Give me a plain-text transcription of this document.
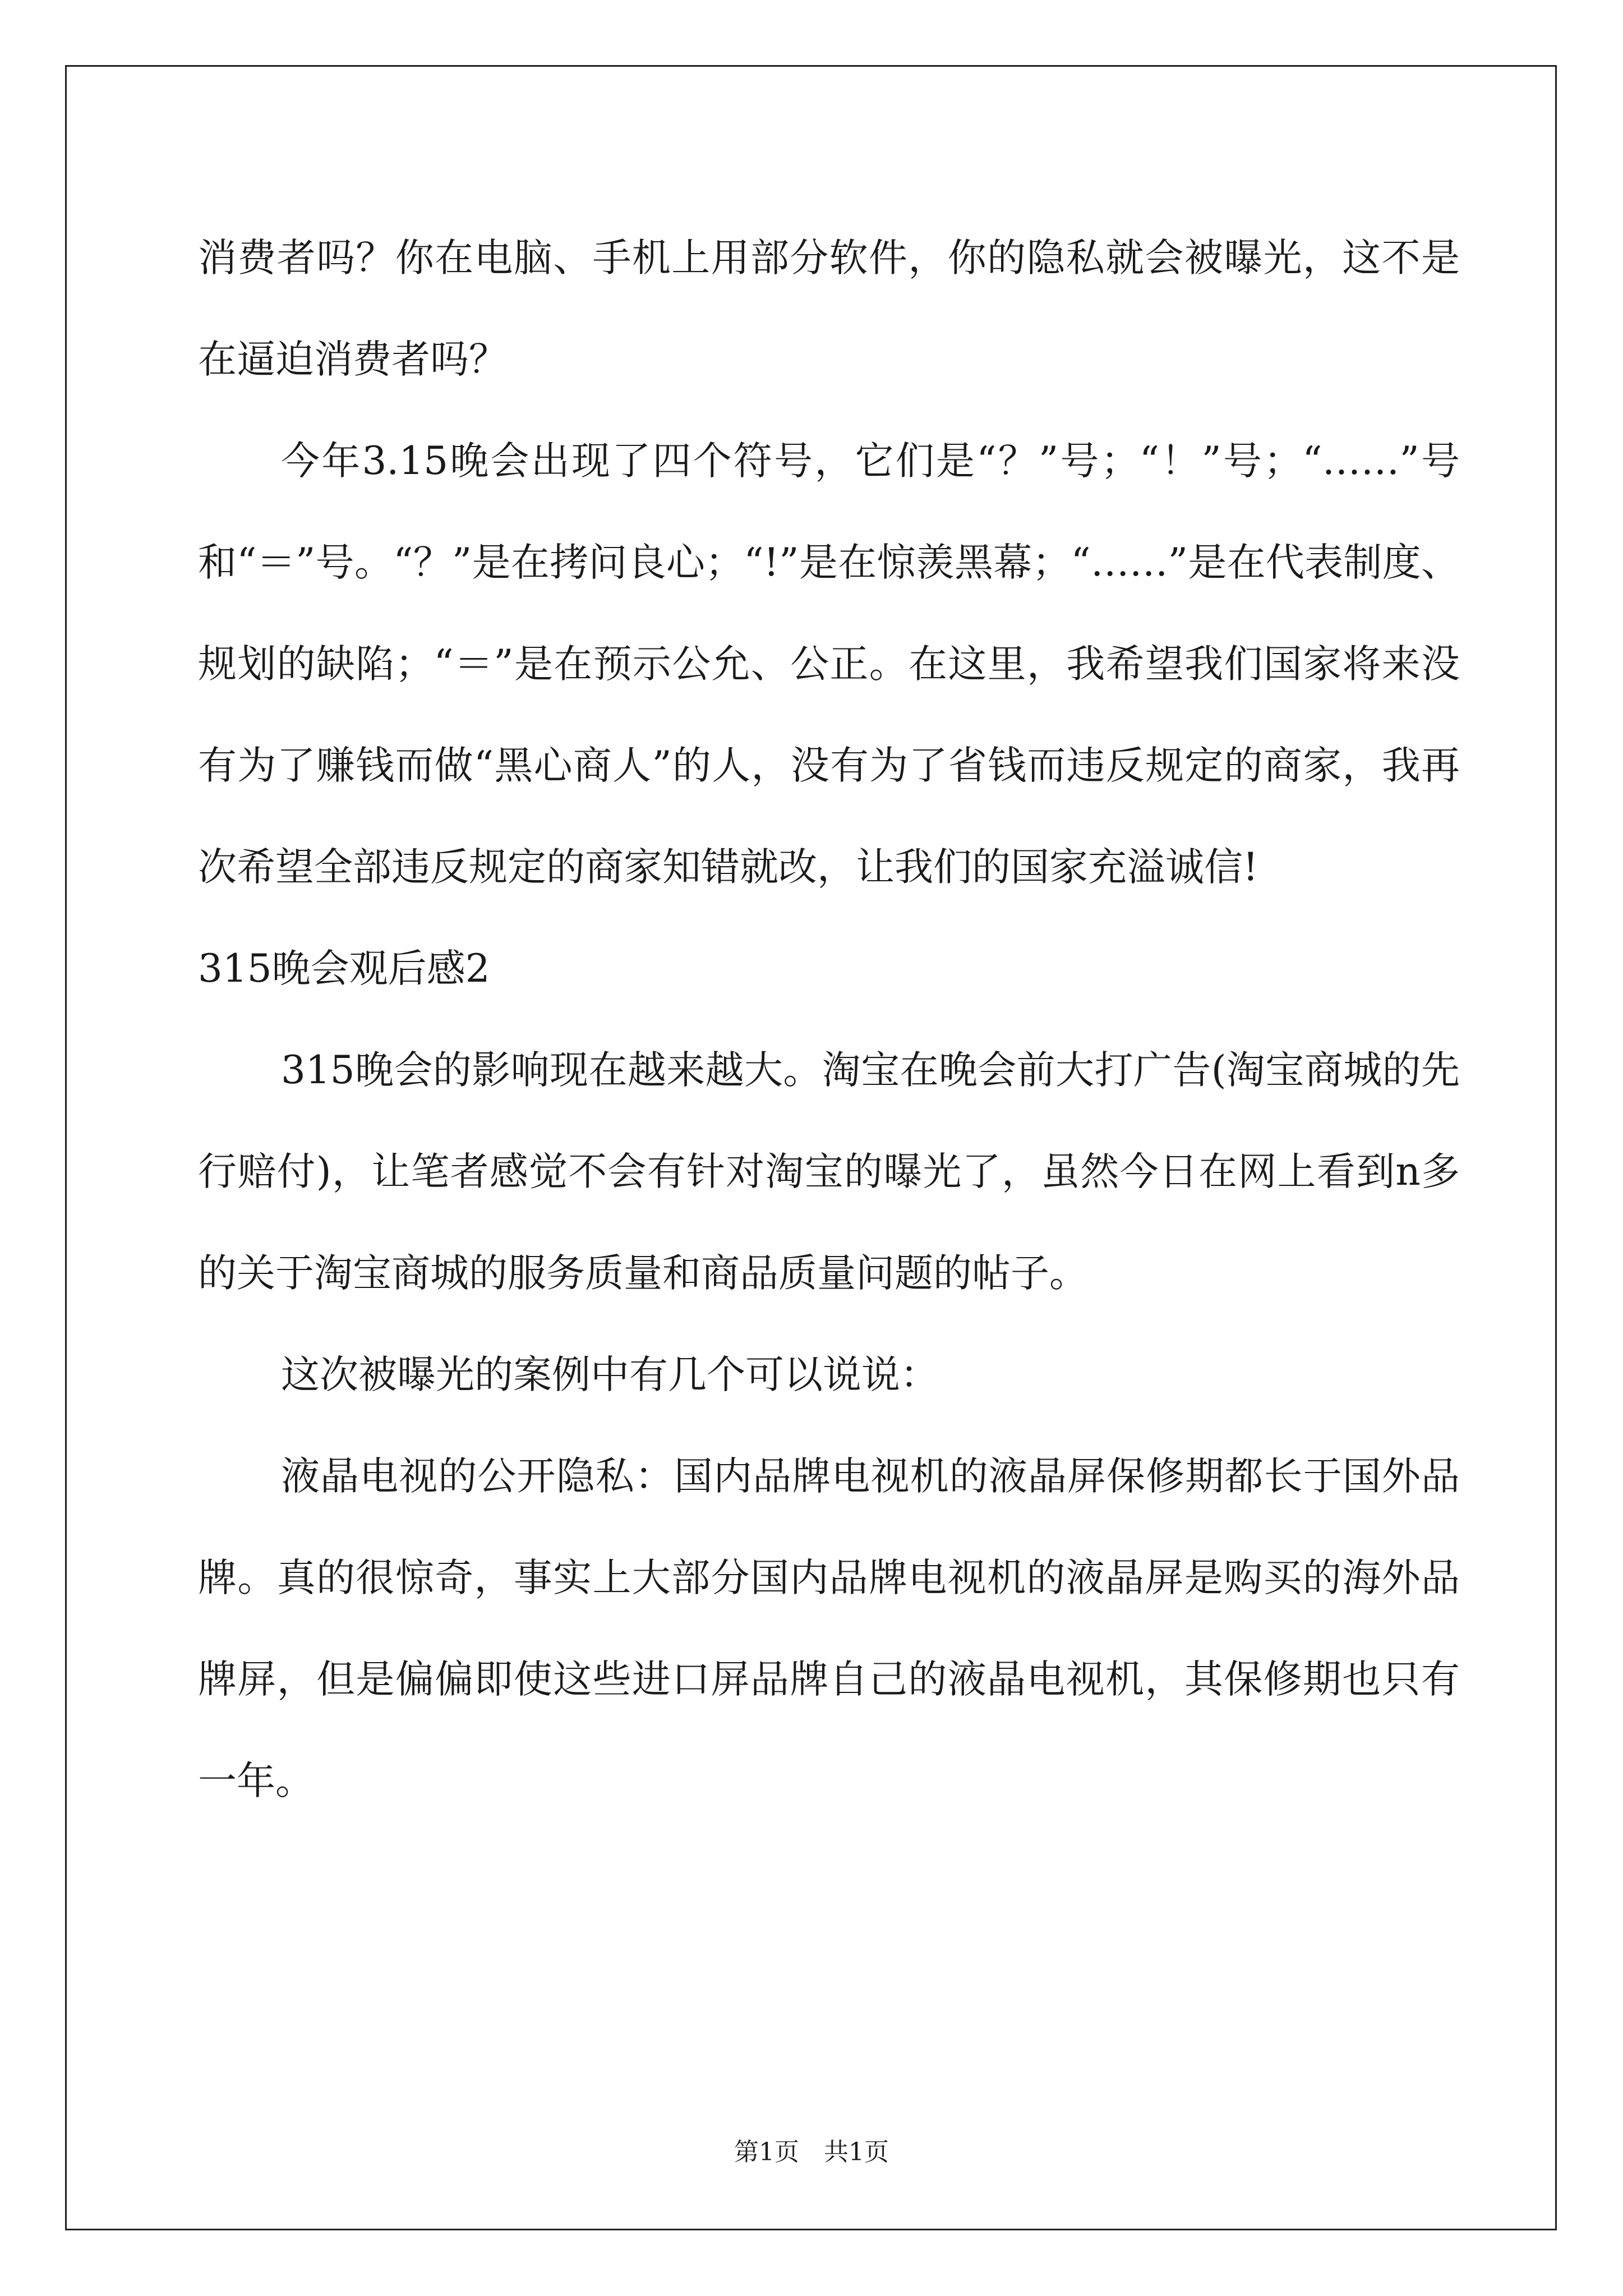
消费者吗？你在电脑、手机上用部分软件，你的隐私就会被曝光，这不是在逼迫消费者吗？

今年3.15晚会出现了四个符号，它们是“？”号；“！”号；“……”号和“＝”号。“？”是在拷问良心；“!”是在惊羡黑幕；“……”是在代表制度、规划的缺陷；“＝”是在预示公允、公正。在这里，我希望我们国家将来没有为了赚钱而做“黑心商人”的人，没有为了省钱而违反规定的商家，我再次希望全部违反规定的商家知错就改，让我们的国家充溢诚信!

315晚会观后感2

315晚会的影响现在越来越大。淘宝在晚会前大打广告(淘宝商城的先行赔付)，让笔者感觉不会有针对淘宝的曝光了，虽然今日在网上看到n多的关于淘宝商城的服务质量和商品质量问题的帖子。

这次被曝光的案例中有几个可以说说：

液晶电视的公开隐私：国内品牌电视机的液晶屏保修期都长于国外品牌。真的很惊奇，事实上大部分国内品牌电视机的液晶屏是购买的海外品牌屏，但是偏偏即使这些进口屏品牌自己的液晶电视机，其保修期也只有一年。

第1页　共1页
